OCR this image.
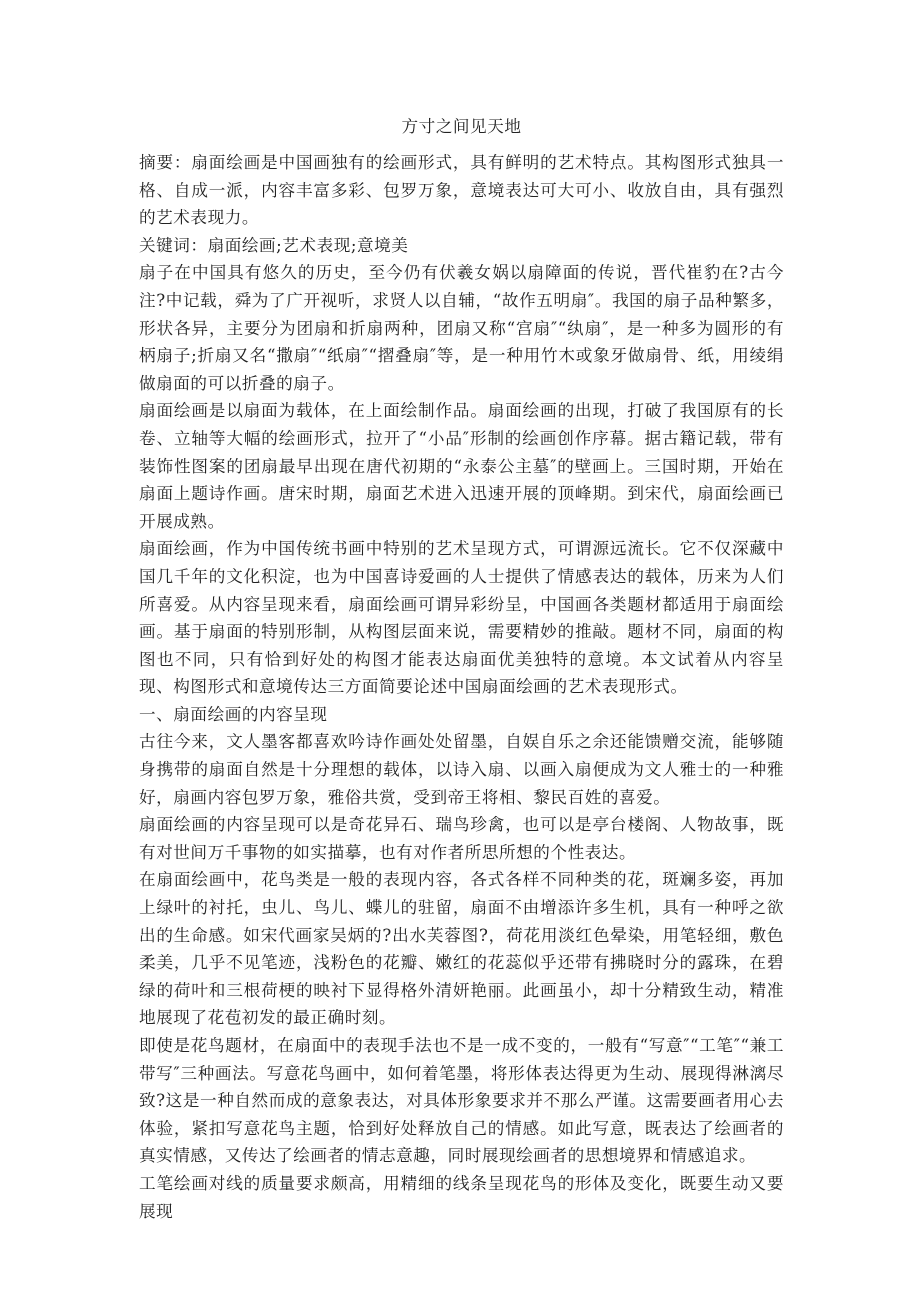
方寸之间见天地

摘要：扇面绘画是中国画独有的绘画形式，具有鲜明的艺术特点。其构图形式独具一格、自成一派，内容丰富多彩、包罗万象，意境表达可大可小、收放自由，具有强烈的艺术表现力。

关键词：扇面绘画;艺术表现;意境美

扇子在中国具有悠久的历史，至今仍有伏羲女娲以扇障面的传说，晋代崔豹在?古今注?中记载，舜为了广开视听，求贤人以自辅，“故作五明扇″。我国的扇子品种繁多，形状各异，主要分为团扇和折扇两种，团扇又称“宫扇″“纨扇″，是一种多为圆形的有柄扇子;折扇又名“撒扇″“纸扇″“摺叠扇″等，是一种用竹木或象牙做扇骨、纸，用绫绢做扇面的可以折叠的扇子。

扇面绘画是以扇面为载体，在上面绘制作品。扇面绘画的出现，打破了我国原有的长卷、立轴等大幅的绘画形式，拉开了“小品″形制的绘画创作序幕。据古籍记载，带有装饰性图案的团扇最早出现在唐代初期的“永泰公主墓″的壁画上。三国时期，开始在扇面上题诗作画。唐宋时期，扇面艺术进入迅速开展的顶峰期。到宋代，扇面绘画已开展成熟。

扇面绘画，作为中国传统书画中特别的艺术呈现方式，可谓源远流长。它不仅深藏中国几千年的文化积淀，也为中国喜诗爱画的人士提供了情感表达的载体，历来为人们所喜爱。从内容呈现来看，扇面绘画可谓异彩纷呈，中国画各类题材都适用于扇面绘画。基于扇面的特别形制，从构图层面来说，需要精妙的推敲。题材不同，扇面的构图也不同，只有恰到好处的构图才能表达扇面优美独特的意境。本文试着从内容呈现、构图形式和意境传达三方面简要论述中国扇面绘画的艺术表现形式。

一、扇面绘画的内容呈现

古往今来，文人墨客都喜欢吟诗作画处处留墨，自娱自乐之余还能馈赠交流，能够随身携带的扇面自然是十分理想的载体，以诗入扇、以画入扇便成为文人雅士的一种雅好，扇画内容包罗万象，雅俗共赏，受到帝王将相、黎民百姓的喜爱。

扇面绘画的内容呈现可以是奇花异石、瑞鸟珍禽，也可以是亭台楼阁、人物故事，既有对世间万千事物的如实描摹，也有对作者所思所想的个性表达。

在扇面绘画中，花鸟类是一般的表现内容，各式各样不同种类的花，斑斓多姿，再加上绿叶的衬托，虫儿、鸟儿、蝶儿的驻留，扇面不由增添许多生机，具有一种呼之欲出的生命感。如宋代画家吴炳的?出水芙蓉图?，荷花用淡红色晕染，用笔轻细，敷色柔美，几乎不见笔迹，浅粉色的花瓣、嫩红的花蕊似乎还带有拂晓时分的露珠，在碧绿的荷叶和三根荷梗的映衬下显得格外清妍艳丽。此画虽小，却十分精致生动，精准地展现了花苞初发的最正确时刻。

即使是花鸟题材，在扇面中的表现手法也不是一成不变的，一般有“写意″“工笔″“兼工带写″三种画法。写意花鸟画中，如何着笔墨，将形体表达得更为生动、展现得淋漓尽致?这是一种自然而成的意象表达，对具体形象要求并不那么严谨。这需要画者用心去体验，紧扣写意花鸟主题，恰到好处释放自己的情感。如此写意，既表达了绘画者的真实情感，又传达了绘画者的情志意趣，同时展现绘画者的思想境界和情感追求。

工笔绘画对线的质量要求颇高，用精细的线条呈现花鸟的形体及变化，既要生动又要展现
